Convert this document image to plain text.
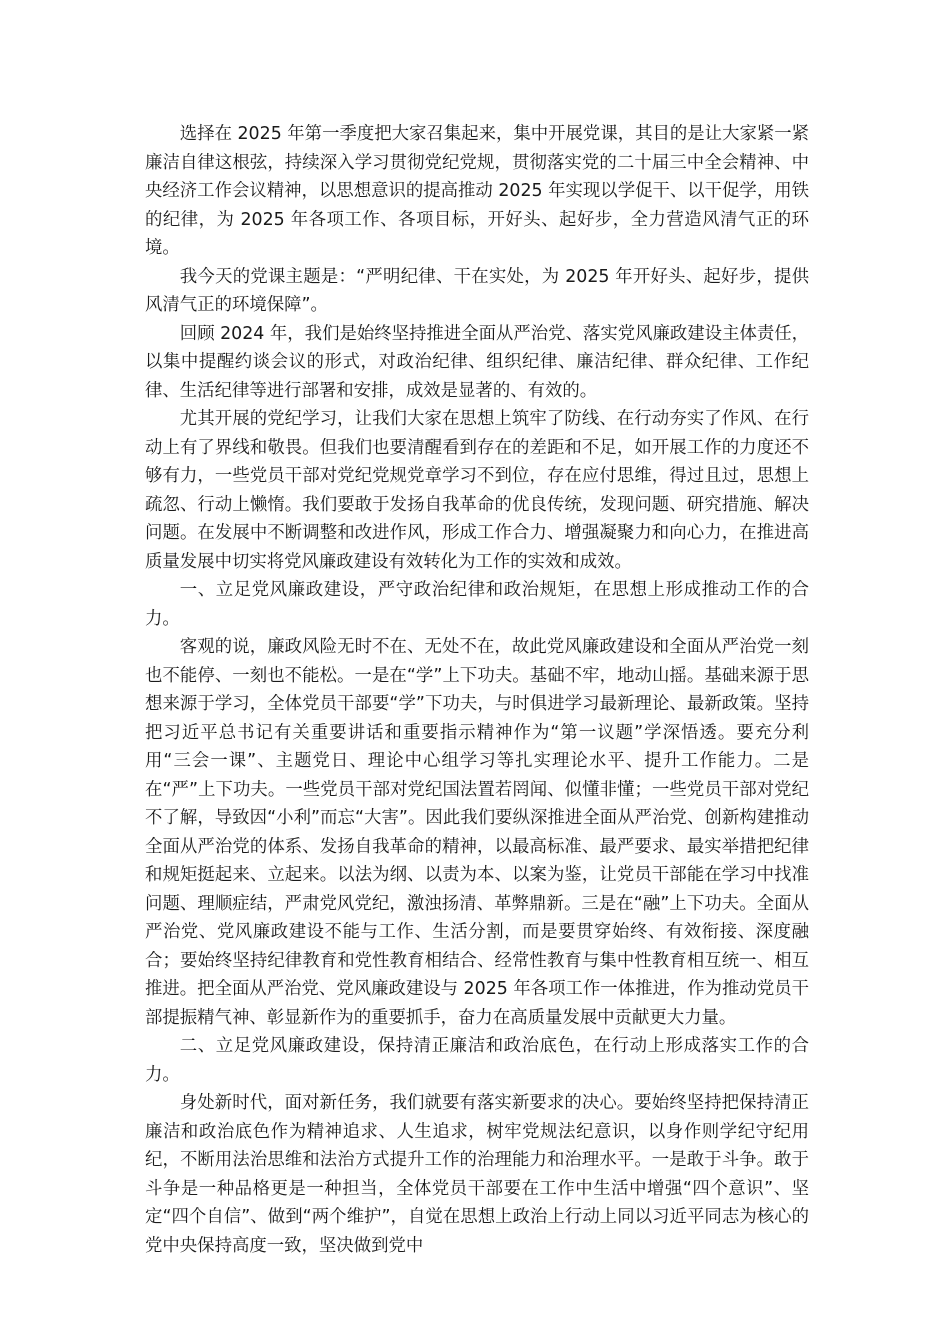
选择在 2025 年第一季度把大家召集起来，集中开展党课，其目的是让大家紧一紧廉洁自律这根弦，持续深入学习贯彻党纪党规，贯彻落实党的二十届三中全会精神、中央经济工作会议精神，以思想意识的提高推动 2025 年实现以学促干、以干促学，用铁的纪律，为 2025 年各项工作、各项目标，开好头、起好步，全力营造风清气正的环境。

我今天的党课主题是：“严明纪律、干在实处，为 2025 年开好头、起好步，提供风清气正的环境保障”。

回顾 2024 年，我们是始终坚持推进全面从严治党、落实党风廉政建设主体责任，以集中提醒约谈会议的形式，对政治纪律、组织纪律、廉洁纪律、群众纪律、工作纪律、生活纪律等进行部署和安排，成效是显著的、有效的。

尤其开展的党纪学习，让我们大家在思想上筑牢了防线、在行动夯实了作风、在行动上有了界线和敬畏。但我们也要清醒看到存在的差距和不足，如开展工作的力度还不够有力，一些党员干部对党纪党规党章学习不到位，存在应付思维，得过且过，思想上疏忽、行动上懒惰。我们要敢于发扬自我革命的优良传统，发现问题、研究措施、解决问题。在发展中不断调整和改进作风，形成工作合力、增强凝聚力和向心力，在推进高质量发展中切实将党风廉政建设有效转化为工作的实效和成效。

一、立足党风廉政建设，严守政治纪律和政治规矩，在思想上形成推动工作的合力。

客观的说，廉政风险无时不在、无处不在，故此党风廉政建设和全面从严治党一刻也不能停、一刻也不能松。一是在“学”上下功夫。基础不牢，地动山摇。基础来源于思想来源于学习，全体党员干部要“学”下功夫，与时俱进学习最新理论、最新政策。坚持把习近平总书记有关重要讲话和重要指示精神作为“第一议题”学深悟透。要充分利用“三会一课”、主题党日、理论中心组学习等扎实理论水平、提升工作能力。二是在“严”上下功夫。一些党员干部对党纪国法置若罔闻、似懂非懂；一些党员干部对党纪不了解，导致因“小利”而忘“大害”。因此我们要纵深推进全面从严治党、创新构建推动全面从严治党的体系、发扬自我革命的精神，以最高标准、最严要求、最实举措把纪律和规矩挺起来、立起来。以法为纲、以责为本、以案为鉴，让党员干部能在学习中找准问题、理顺症结，严肃党风党纪，激浊扬清、革弊鼎新。三是在“融”上下功夫。全面从严治党、党风廉政建设不能与工作、生活分割，而是要贯穿始终、有效衔接、深度融合；要始终坚持纪律教育和党性教育相结合、经常性教育与集中性教育相互统一、相互推进。把全面从严治党、党风廉政建设与 2025 年各项工作一体推进，作为推动党员干部提振精气神、彰显新作为的重要抓手，奋力在高质量发展中贡献更大力量。

二、立足党风廉政建设，保持清正廉洁和政治底色，在行动上形成落实工作的合力。

身处新时代，面对新任务，我们就要有落实新要求的决心。要始终坚持把保持清正廉洁和政治底色作为精神追求、人生追求，树牢党规法纪意识，以身作则学纪守纪用纪，不断用法治思维和法治方式提升工作的治理能力和治理水平。一是敢于斗争。敢于斗争是一种品格更是一种担当，全体党员干部要在工作中生活中增强“四个意识”、坚定“四个自信”、做到“两个维护”，自觉在思想上政治上行动上同以习近平同志为核心的党中央保持高度一致，坚决做到党中
